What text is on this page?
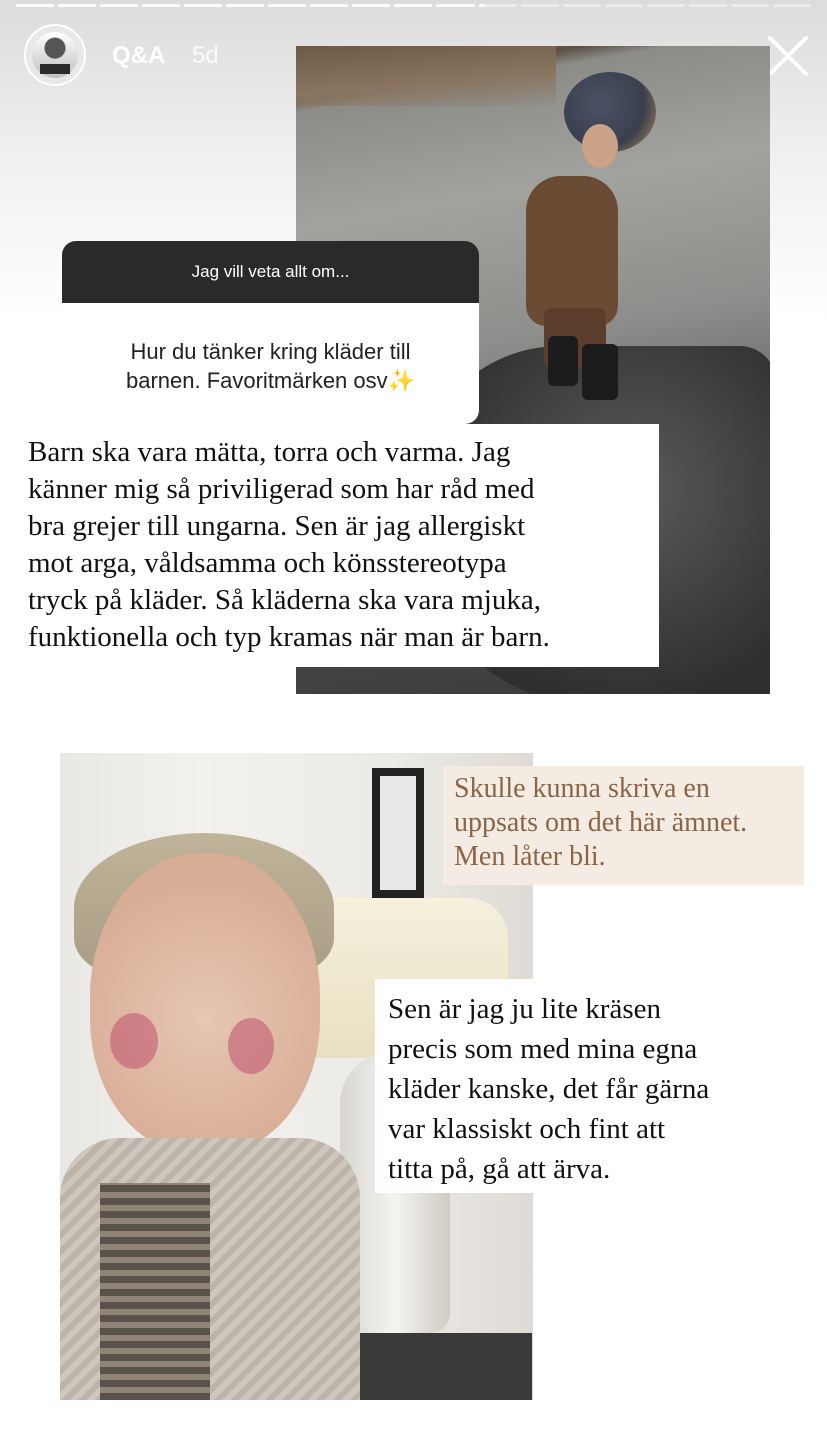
Q&A 5d
Jag vill veta allt om...
Hur du tänker kring kläder till
barnen. Favoritmärken osv✨
Barn ska vara mätta, torra och varma. Jag
känner mig så priviligerad som har råd med
bra grejer till ungarna. Sen är jag allergiskt
mot arga, våldsamma och könsstereotypa
tryck på kläder. Så kläderna ska vara mjuka,
funktionella och typ kramas när man är barn.
Skulle kunna skriva en
uppsats om det här ämnet.
Men låter bli.
Sen är jag ju lite kräsen
precis som med mina egna
kläder kanske, det får gärna
var klassiskt och fint att
titta på, gå att ärva.
